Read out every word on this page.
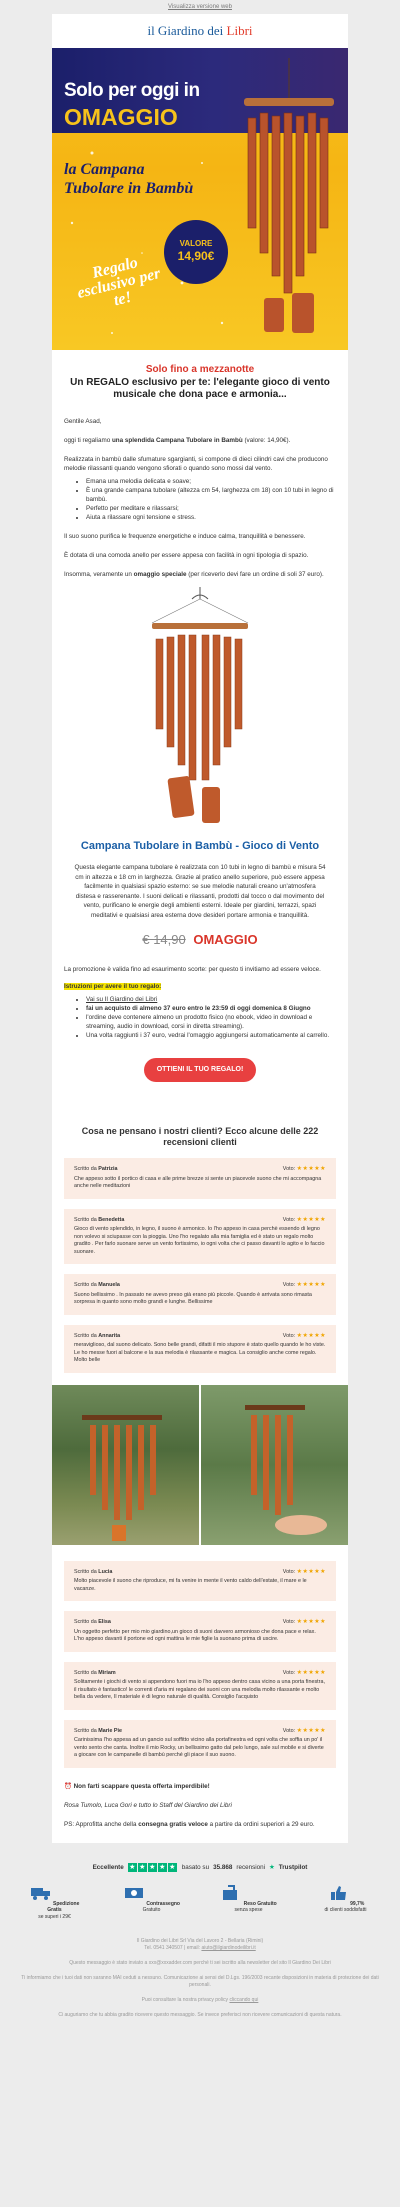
Visualizza versione web
il Giardino dei Libri
Solo per oggi in
OMAGGIO
la Campana Tubolare in Bambù
VALORE
14,90€
Regalo esclusivo per te!
Solo fino a mezzanotte
Un REGALO esclusivo per te: l'elegante gioco di vento musicale che dona pace e armonia...

Gentile Asad,

oggi ti regaliamo una splendida Campana Tubolare in Bambù (valore: 14,90€).

Realizzata in bambù dalle sfumature sgargianti, si compone di dieci cilindri cavi che producono melodie rilassanti quando vengono sfiorati o quando sono mossi dal vento.

• Emana una melodia delicata e soave;
• È una grande campana tubolare (altezza cm 54, larghezza cm 18) con 10 tubi in legno di bambù.
• Perfetto per meditare e rilassarsi;
• Aiuta a rilassare ogni tensione e stress.

Il suo suono purifica le frequenze energetiche e induce calma, tranquillità e benessere.

È dotata di una comoda anello per essere appesa con facilità in ogni tipologia di spazio.

Insomma, veramente un omaggio speciale (per riceverlo devi fare un ordine di soli 37 euro).

Campana Tubolare in Bambù - Gioco di Vento

Questa elegante campana tubolare è realizzata con 10 tubi in legno di bambù e misura 54 cm in altezza e 18 cm in larghezza. Grazie al pratico anello superiore, può essere appesa facilmente in qualsiasi spazio esterno: se sue melodie naturali creano un'atmosfera distesa e rasserenante. I suoni delicati e rilassanti, prodotti dal tocco o dal movimento del vento, purificano le energie degli ambienti esterni. Ideale per giardini, terrazzi, spazi meditativi e qualsiasi area esterna dove desideri portare armonia e tranquillità.

€ 14,90 OMAGGIO

La promozione è valida fino ad esaurimento scorte: per questo ti invitiamo ad essere veloce.

Istruzioni per avere il tuo regalo:

• Vai su Il Giardino dei Libri
• fai un acquisto di almeno 37 euro entro le 23:59 di oggi domenica 8 Giugno
• l'ordine deve contenere almeno un prodotto fisico (no ebook, video in download e streaming, audio in download, corsi in diretta streaming).
• Una volta raggiunti i 37 euro, vedrai l'omaggio aggiungersi automaticamente al carrello.
OTTIENI IL TUO REGALO!
Cosa ne pensano i nostri clienti? Ecco alcune delle 222 recensioni clienti
Scritto da Patrizia	Voto: ★★★★★
Che appeso sotto il portico di casa e alle prime brezze si sente un piacevole suono che mi accompagna anche nelle meditazioni
Scritto da Benedetta	Voto: ★★★★★
Gioco di vento splendido, in legno, il suono è armonico. Io l'ho appeso in casa perchè essendo di legno non volevo si sciupasse con la pioggia. Uno l'ho regalato alla mia famiglia ed è stato un regalo molto gradito . Per farlo suonare serve un vento fortissimo, io ogni volta che ci passo davanti lo agito e lo faccio suonare.
Scritto da Manuela	Voto: ★★★★★
Suono bellissimo . In passato ne avevo preso già erano più piccole. Quando è arrivata sono rimasta sorpresa in quanto sono molto grandi e lunghe. Bellissime
Scritto da Annarita	Voto: ★★★★★
meraviglioso, dal suono delicato. Sono belle grandi, difatti il mio stupore è stato quello quando le ho viste. Le ho messe fuori al balcone e la sua melodia è rilassante e magica. La consiglio anche come regalo. Molto belle
Scritto da Lucia	Voto: ★★★★★
Molto piacevole il suono che riproduce, mi fa venire in mente il vento caldo dell'estate, il mare e le vacanze.
Scritto da Elisa	Voto: ★★★★★
Un oggetto perfetto per mio mio giardino,un gioco di suoni davvero armonioso che dona pace e relax. L'ho appeso davanti il portone ed ogni mattina le mie figlie la suonano prima di uscire.
Scritto da Miriam	Voto: ★★★★★
Solitamente i giochi di vento si appendono fuori ma io l'ho appeso dentro casa vicino a una porta finestra, il risultato è fantastico! le correnti d'aria mi regalano dei suoni con una melodia molto rilassante e molto bella da vedere, Il materiale è di legno naturale di qualità. Consiglio l'acquisto
Scritto da Marie Pie	Voto: ★★★★★
Carinissima l'ho appesa ad un gancio sul soffitto vicino alla portafinestra ed ogni volta che soffia un po' il vento sento che canta. Inoltre il mio Rocky, un bellissimo gatto dal pelo lungo, sale sul mobile e si diverte a giocare con le campanelle di bambù perché gli piace il suo suono.

⏰ Non farti scappare questa offerta imperdibile!

Rosa Tumolo, Luca Gori e tutto lo Staff del Giardino dei Libri

PS: Approfitta anche della consegna gratis veloce a partire da ordini superiori a 29 euro.

Eccellente ★ ★ ★ ★ ★	basato su 35.868 recensioni ★ Trustpilot
Spedizione Gratis
se superi i 29€
Contrassegno
Gratuito
Reso Gratuito
senza spese
99,7%
di clienti soddisfatti

Il Giardino dei Libri Srl Via del Lavoro 2 - Bellaria (Rimini)
Tel. 0541 340507 | email: aiuto@ilgiardinodeilibri.it

Questo messaggio è stato inviato a xxx@xxxadder.com perché ti sei iscritto alla newsletter del sito Il Giardino Dei Libri

Ti informiamo che i tuoi dati non saranno MAI ceduti a nessuno. Comunicazione ai sensi del D.Lgs. 196/2003 recante disposizioni in materia di protezione dei dati personali.

Puoi consultare la nostra privacy policy cliccando qui

Ci auguriamo che tu abbia gradito ricevere questo messaggio. Se invece preferisci non ricevere comunicazioni di questa natura.
